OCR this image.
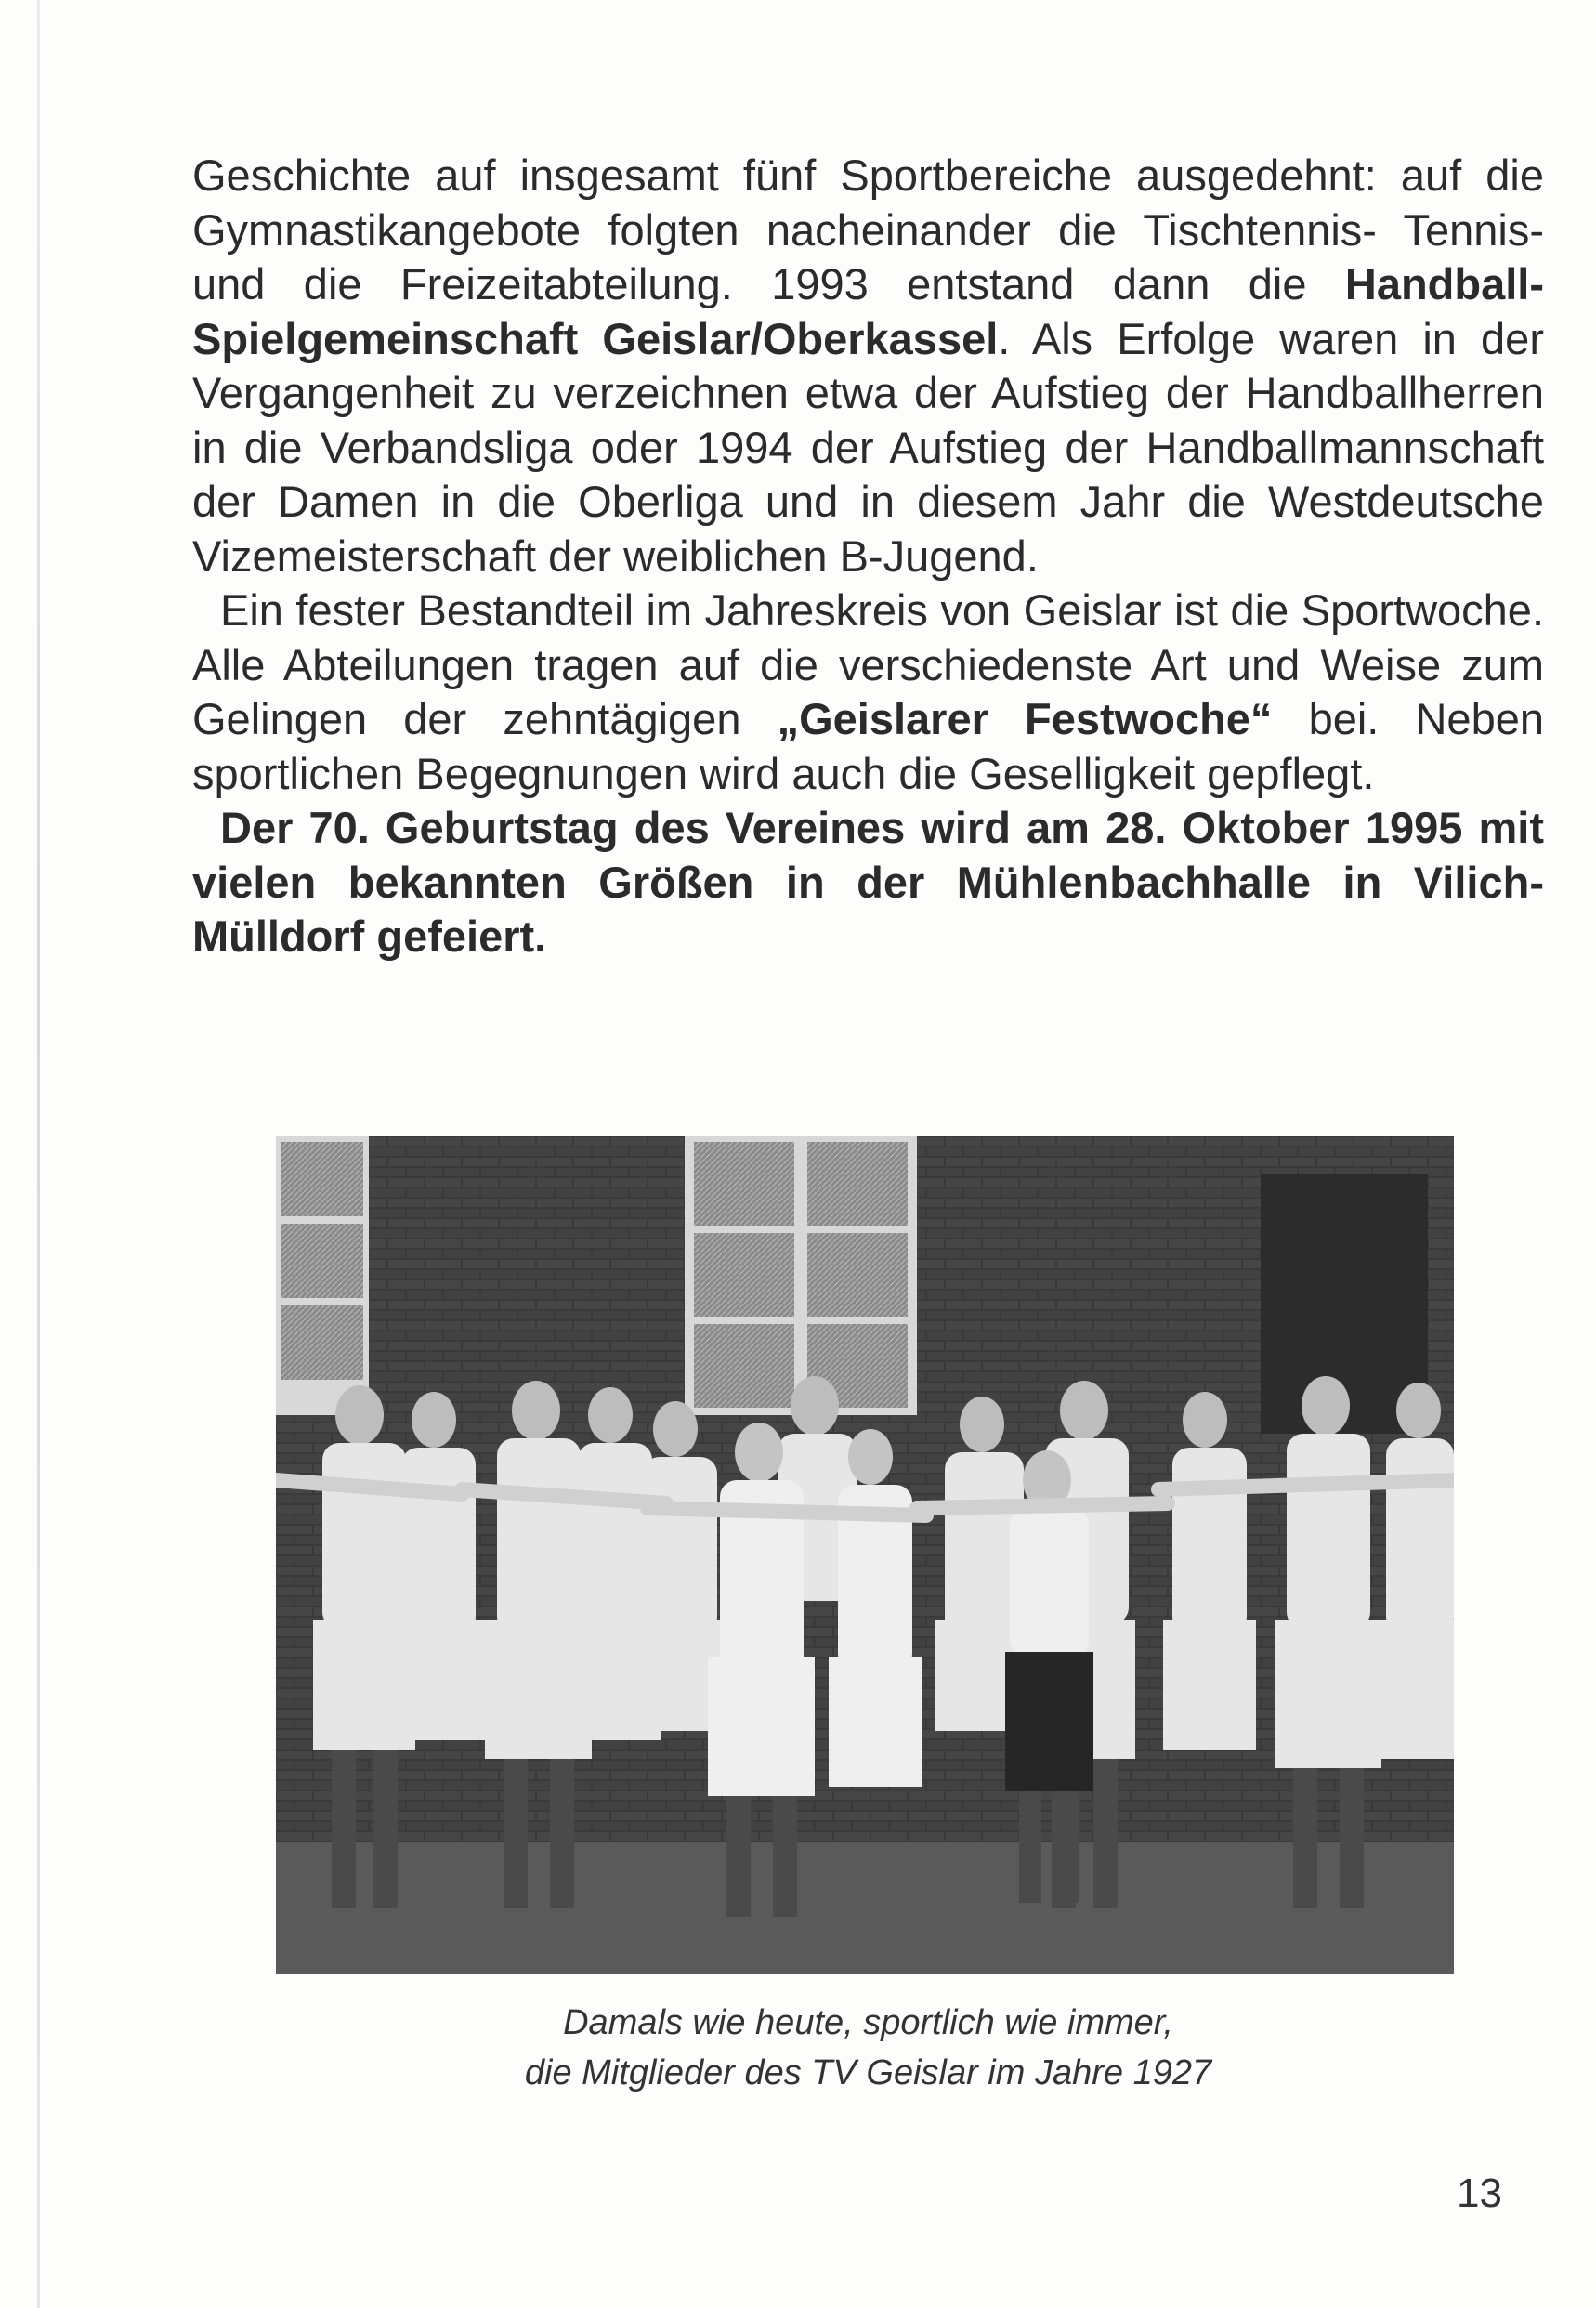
Geschichte auf insgesamt fünf Sportbereiche ausgedehnt: auf die Gymnastikangebote folgten nacheinander die Tischtennis- Tennis- und die Freizeitabteilung. 1993 entstand dann die Handball-Spielgemeinschaft Geislar/Oberkassel. Als Erfolge waren in der Vergangenheit zu verzeichnen etwa der Aufstieg der Handballherren in die Verbandsliga oder 1994 der Aufstieg der Handballmannschaft der Damen in die Oberliga und in diesem Jahr die Westdeutsche Vizemeisterschaft der weiblichen B-Jugend.

Ein fester Bestandteil im Jahreskreis von Geislar ist die Sportwoche. Alle Abteilungen tragen auf die verschiedenste Art und Weise zum Gelingen der zehntägigen „Geislarer Festwoche“ bei. Neben sportlichen Begegnungen wird auch die Geselligkeit gepflegt.

Der 70. Geburtstag des Vereines wird am 28. Oktober 1995 mit vielen bekannten Größen in der Mühlenbachhalle in Vilich-Mülldorf gefeiert.

Damals wie heute, sportlich wie immer,
die Mitglieder des TV Geislar im Jahre 1927
13
